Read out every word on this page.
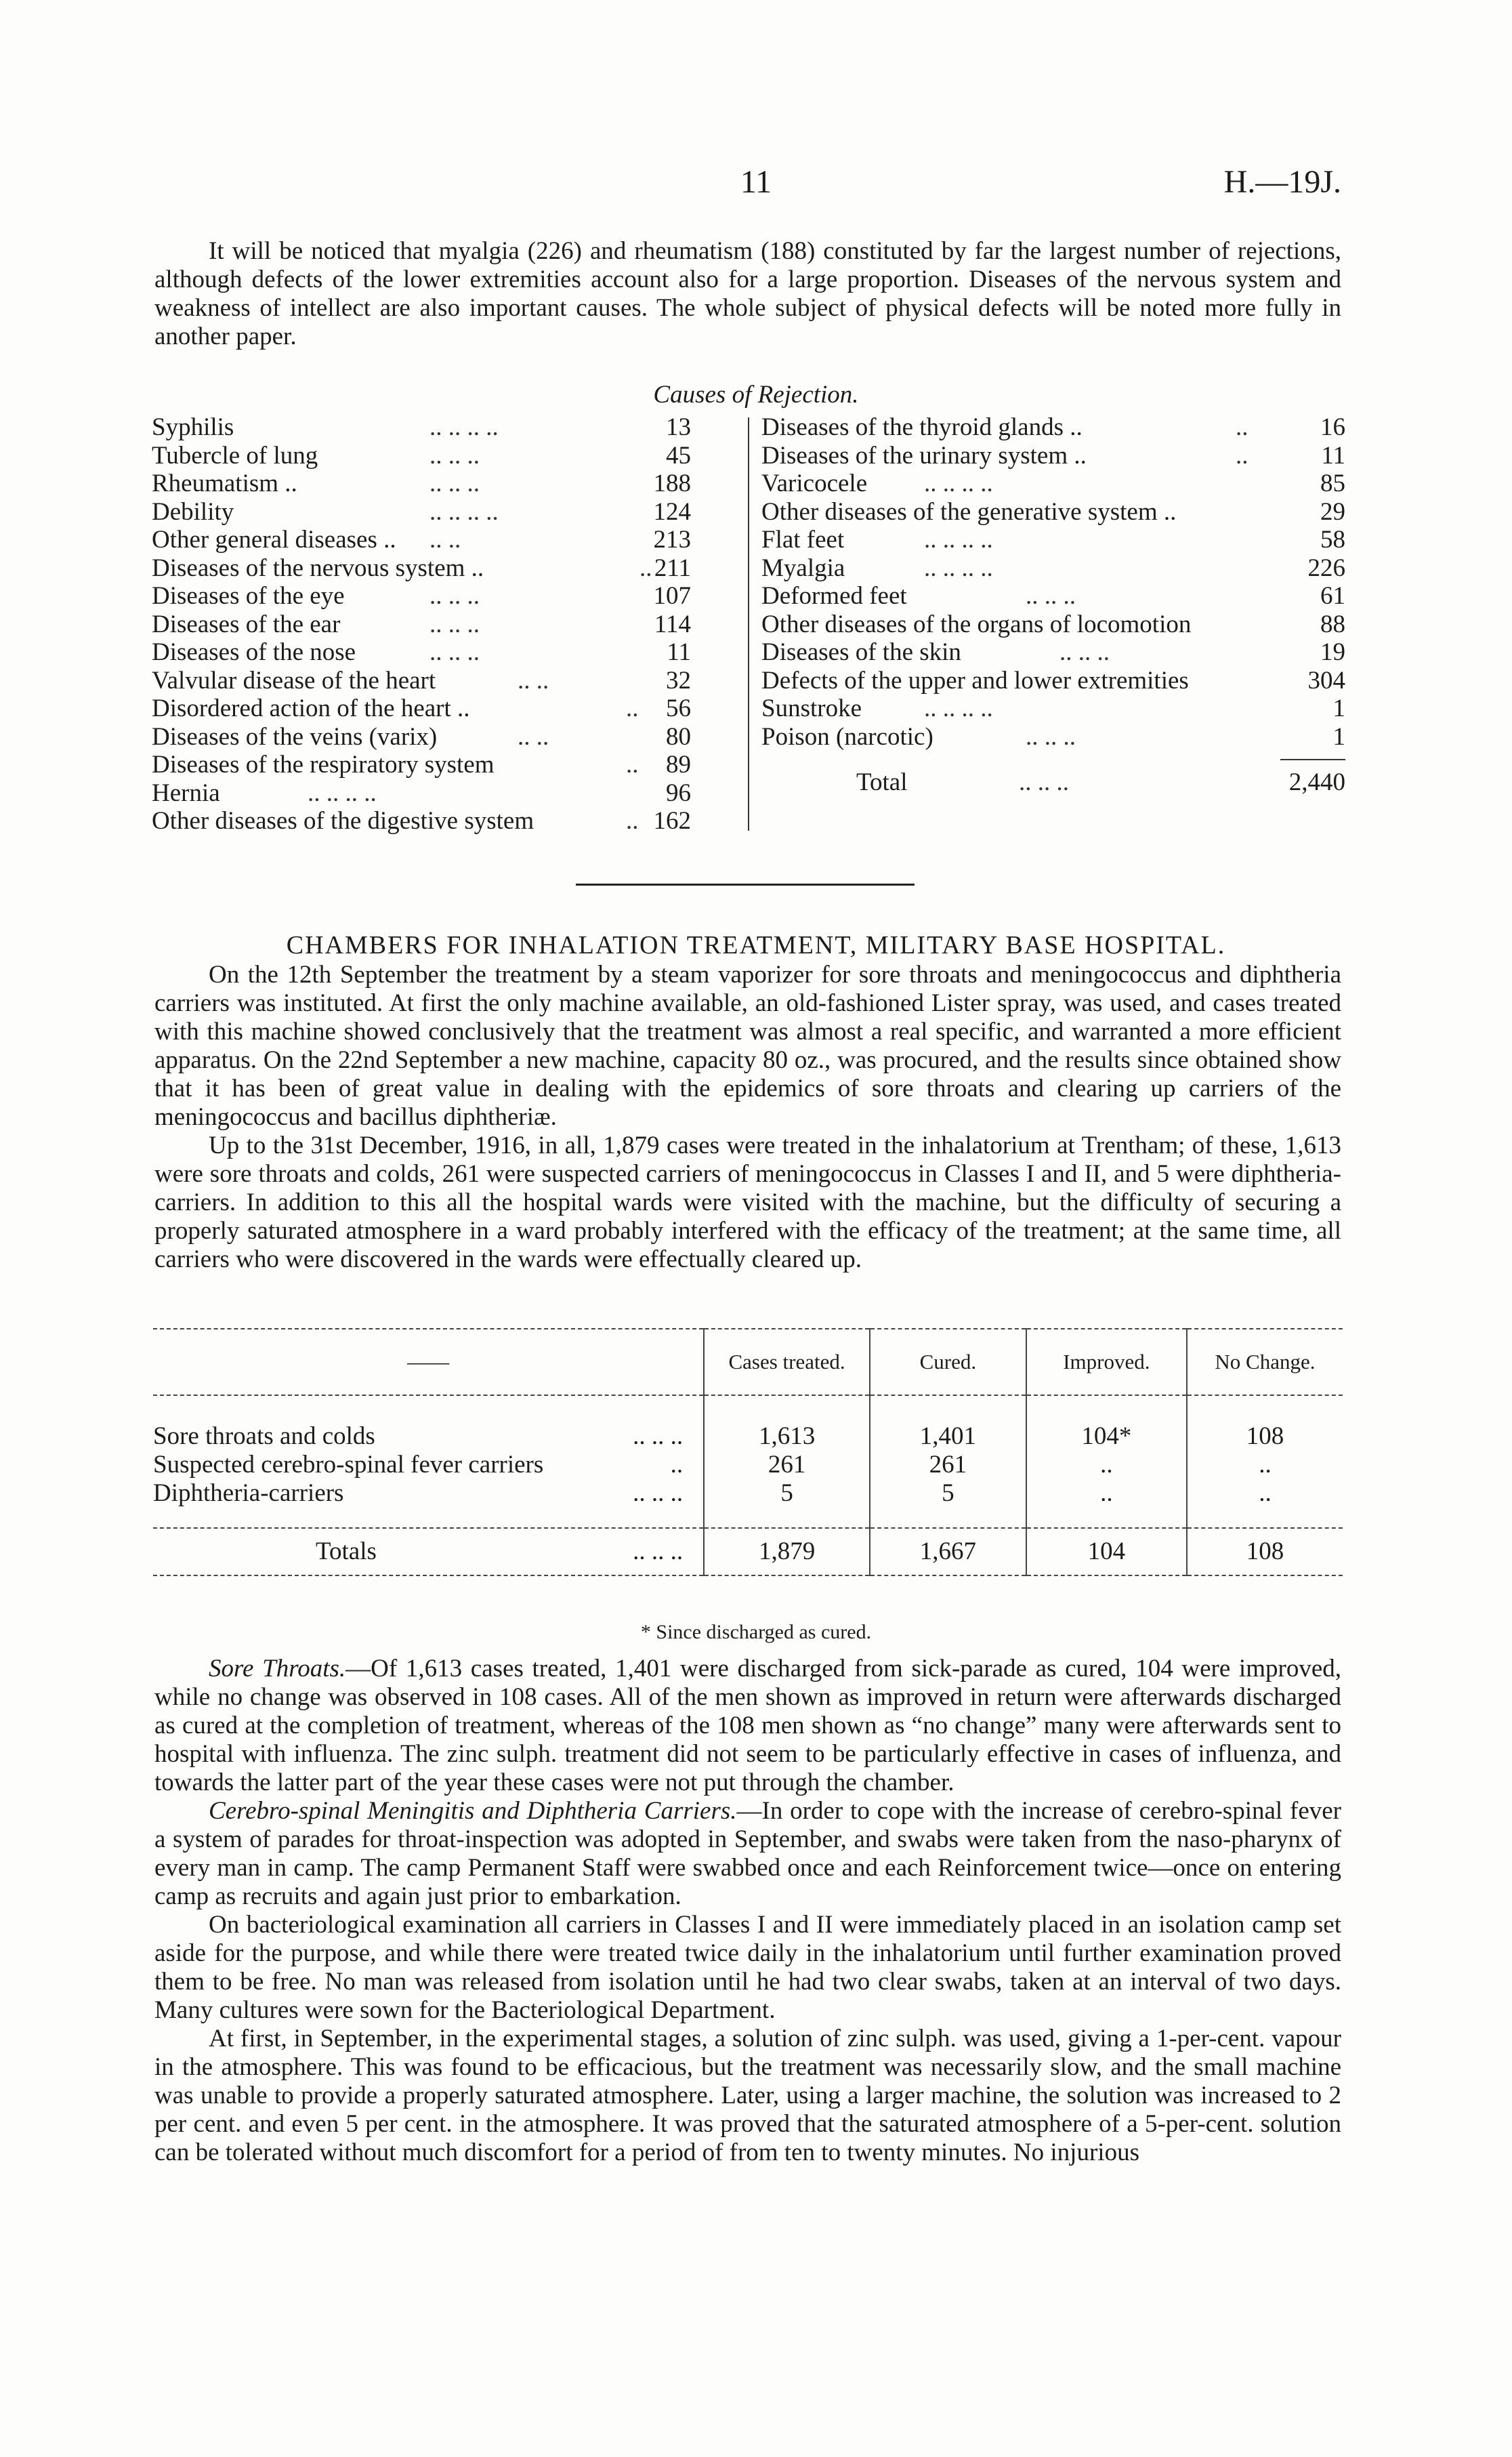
11	H.—19J.
It will be noticed that myalgia (226) and rheumatism (188) constituted by far the largest number of rejections, although defects of the lower extremities account also for a large proportion. Diseases of the nervous system and weakness of intellect are also important causes. The whole subject of physical defects will be noted more fully in another paper.
Causes of Rejection.
Syphilis	.. .. .. ..	13
Tubercle of lung	.. .. ..	45
Rheumatism ..	.. .. ..	188
Debility	.. .. .. ..	124
Other general diseases .. .. ..	213
Diseases of the nervous system ..	.. 211
Diseases of the eye	.. .. ..	107
Diseases of the ear	.. .. ..	114
Diseases of the nose	.. .. ..	11
Valvular disease of the heart	.. ..	32
Disordered action of the heart ..	.. 56
Diseases of the veins (varix)	.. ..	80
Diseases of the respiratory system	.. 89
Hernia	.. .. .. ..	96
Other diseases of the digestive system	.. 162
Diseases of the thyroid glands ..	..	16
Diseases of the urinary system ..	..	11
Varicocele .. .. .. ..	85
Other diseases of the generative system ..	29
Flat feet	.. .. .. ..	58
Myalgia	.. .. .. ..	226
Deformed feet	.. .. ..	61
Other diseases of the organs of locomotion	88
Diseases of the skin	.. .. ..	19
Defects of the upper and lower extremities	304
Sunstroke .. .. .. ..	1
Poison (narcotic)	.. .. ..	1
Total	.. .. ..	2,440
CHAMBERS FOR INHALATION TREATMENT, MILITARY BASE HOSPITAL.

On the 12th September the treatment by a steam vaporizer for sore throats and meningococcus and diphtheria carriers was instituted. At first the only machine available, an old-fashioned Lister spray, was used, and cases treated with this machine showed conclusively that the treatment was almost a real specific, and warranted a more efficient apparatus. On the 22nd September a new machine, capacity 80 oz., was procured, and the results since obtained show that it has been of great value in dealing with the epidemics of sore throats and clearing up carriers of the meningococcus and bacillus diphtheriæ.

Up to the 31st December, 1916, in all, 1,879 cases were treated in the inhalatorium at Trentham; of these, 1,613 were sore throats and colds, 261 were suspected carriers of meningococcus in Classes I and II, and 5 were diphtheria-carriers. In addition to this all the hospital wards were visited with the machine, but the difficulty of securing a properly saturated atmosphere in a ward probably interfered with the efficacy of the treatment; at the same time, all carriers who were discovered in the wards were effectually cleared up.

——	Cases treated.	Cured.	Improved.	No Change.

Sore throats and colds .. .. ..	1,613	1,401	104*	108
Suspected cerebro-spinal fever carriers ..	261	261	..	..
Diphtheria-carriers .. .. ..	5	5	..	..

Totals .. .. ..	1,879	1,667	104	108

* Since discharged as cured.

Sore Throats.—Of 1,613 cases treated, 1,401 were discharged from sick-parade as cured, 104 were improved, while no change was observed in 108 cases. All of the men shown as improved in return were afterwards discharged as cured at the completion of treatment, whereas of the 108 men shown as “no change” many were afterwards sent to hospital with influenza. The zinc sulph. treatment did not seem to be particularly effective in cases of influenza, and towards the latter part of the year these cases were not put through the chamber.

Cerebro-spinal Meningitis and Diphtheria Carriers.—In order to cope with the increase of cerebro-spinal fever a system of parades for throat-inspection was adopted in September, and swabs were taken from the naso-pharynx of every man in camp. The camp Permanent Staff were swabbed once and each Reinforcement twice—once on entering camp as recruits and again just prior to embarkation.

On bacteriological examination all carriers in Classes I and II were immediately placed in an isolation camp set aside for the purpose, and while there were treated twice daily in the inhalatorium until further examination proved them to be free. No man was released from isolation until he had two clear swabs, taken at an interval of two days. Many cultures were sown for the Bacteriological Department.

At first, in September, in the experimental stages, a solution of zinc sulph. was used, giving a 1-per-cent. vapour in the atmosphere. This was found to be efficacious, but the treatment was necessarily slow, and the small machine was unable to provide a properly saturated atmosphere. Later, using a larger machine, the solution was increased to 2 per cent. and even 5 per cent. in the atmosphere. It was proved that the saturated atmosphere of a 5-per-cent. solution can be tolerated without much discomfort for a period of from ten to twenty minutes. No injurious
